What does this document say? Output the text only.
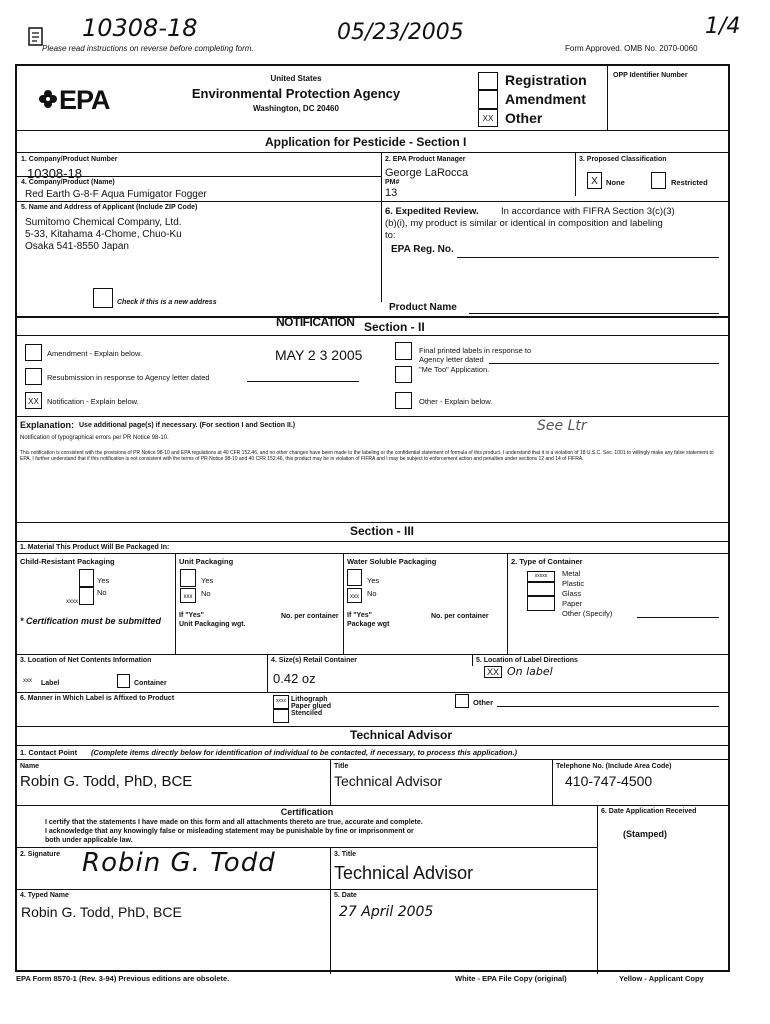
10308-18	05/23/2005	1/4
Please read instructions on reverse before completing form.	Form Approved. OMB No. 2070-0060
EPA
United States
Environmental Protection Agency
Washington, DC 20460
XX
Registration
Amendment
Other
OPP Identifier Number
Application for Pesticide - Section I
1. Company/Product Number
10308-18
2. EPA Product Manager
George LaRocca
3. Proposed Classification
X	None	Restricted
4. Company/Product (Name)
Red Earth G-8-F Aqua Fumigator Fogger
PM#
13
5. Name and Address of Applicant (Include ZIP Code)
Sumitomo Chemical Company, Ltd.
5-33, Kitahama 4-Chome, Chuo-Ku
Osaka 541-8550 Japan
Check if this is a new address
6. Expedited Review. In accordance with FIFRA Section 3(c)(3)
(b)(i), my product is similar or identical in composition and labeling
to:
EPA Reg. No.
Product Name
NOTIFICATION Section - II
Amendment - Explain below.	MAY 2 3 2005
Resubmission in response to Agency letter dated
XX	Notification - Explain below.
Final printed labels in response to
Agency letter dated
"Me Too" Application.
Other - Explain below.
Explanation: Use additional page(s) if necessary. (For section I and Section II.)	See Ltr
Notification of typographical errors per PR Notice 98-10.
This notification is consistent with the provisions of PR Notice 98-10 and EPA regulations at 40 CFR 152.46, and no other changes have been made to the labeling or the confidential statement of formula of this product. I understand that it is a violation of 18 U.S.C. Sec. 1001 to willingly make any false statement to EPA. I further understand that if this notification is not consistent with the terms of PR Notice 98-10 and 40 CFR 152.46, this product may be in violation of FIFRA and I may be subject to enforcement action and penalties under sections 12 and 14 of FIFRA.
Section - III
1. Material This Product Will Be Packaged In:
Child-Resistant Packaging
Yes
No
xxxx
* Certification must be submitted
Unit Packaging
Yes
xxx	No
If "Yes"
Unit Packaging wgt.
No. per container
Water Soluble Packaging
Yes
xxx	No
If "Yes"
Package wgt
No. per container
2. Type of Container
xxxxx	Metal
Plastic
Glass
Paper
Other (Specify)
3. Location of Net Contents Information
xxx Label	Container
4. Size(s) Retail Container
0.42 oz
5. Location of Label Directions
XX On label
6. Manner in Which Label is Affixed to Product	xxxx Lithograph
Paper glued
Stenciled
Other
Technical Advisor
1. Contact Point (Complete items directly below for identification of individual to be contacted, if necessary, to process this application.)
Name
Robin G. Todd, PhD, BCE
Title
Technical Advisor
Telephone No. (Include Area Code)
410-747-4500
Certification
I certify that the statements I have made on this form and all attachments thereto are true, accurate and complete.
I acknowledge that any knowingly false or misleading statement may be punishable by fine or imprisonment or
both under applicable law.
6. Date Application Received
(Stamped)
2. Signature Robin G. Todd	3. Title
Technical Advisor
4. Typed Name
Robin G. Todd, PhD, BCE
5. Date
27 April 2005
EPA Form 8570-1 (Rev. 3-94) Previous editions are obsolete.	White - EPA File Copy (original)	Yellow - Applicant Copy
